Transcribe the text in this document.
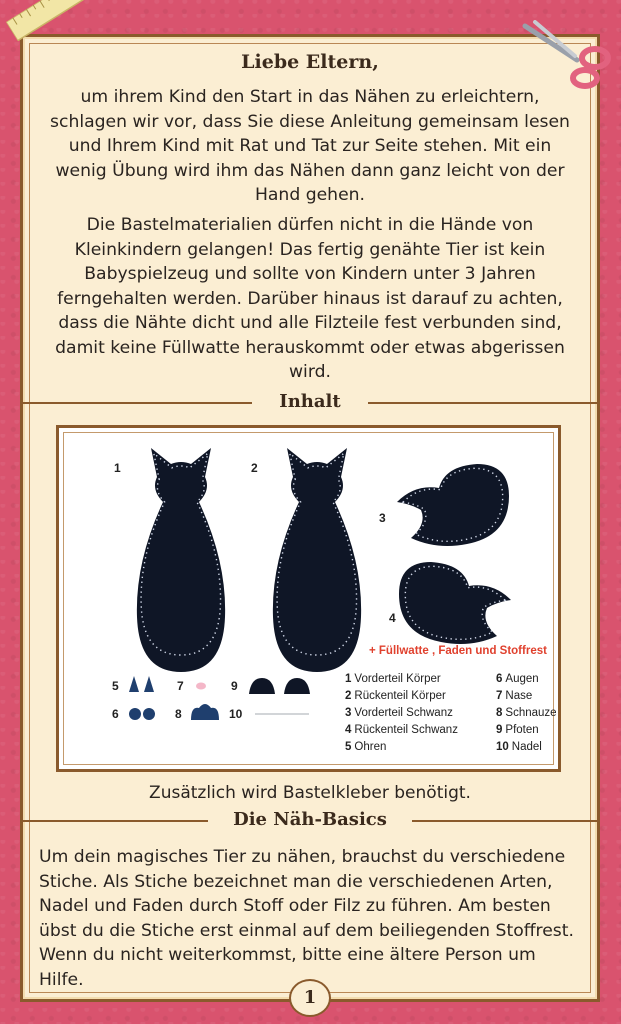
Liebe Eltern,
um ihrem Kind den Start in das Nähen zu erleichtern, schlagen wir vor, dass Sie diese Anleitung gemeinsam lesen und Ihrem Kind mit Rat und Tat zur Seite stehen. Mit ein wenig Übung wird ihm das Nähen dann ganz leicht von der Hand gehen.
Die Bastelmaterialien dürfen nicht in die Hände von Kleinkindern gelangen! Das fertig genähte Tier ist kein Babyspielzeug und sollte von Kindern unter 3 Jahren ferngehalten werden. Darüber hinaus ist darauf zu achten, dass die Nähte dicht und alle Filzteile fest verbunden sind, damit keine Füllwatte herauskommt oder etwas abgerissen wird.
Inhalt
1	2
3
4
+ Füllwatte , Faden und Stoffrest
5	7	9
6	8	10
1 Vorderteil Körper
2 Rückenteil Körper
3 Vorderteil Schwanz
4 Rückenteil Schwanz
5 Ohren
6 Augen
7 Nase
8 Schnauze
9 Pfoten
10 Nadel
Zusätzlich wird Bastelkleber benötigt.
Die Näh-Basics
Um dein magisches Tier zu nähen, brauchst du verschiedene Stiche. Als Stiche bezeichnet man die verschiedenen Arten, Nadel und Faden durch Stoff oder Filz zu führen. Am besten übst du die Stiche erst einmal auf dem beiliegenden Stoffrest. Wenn du nicht weiterkommst, bitte eine ältere Person um Hilfe.
1
